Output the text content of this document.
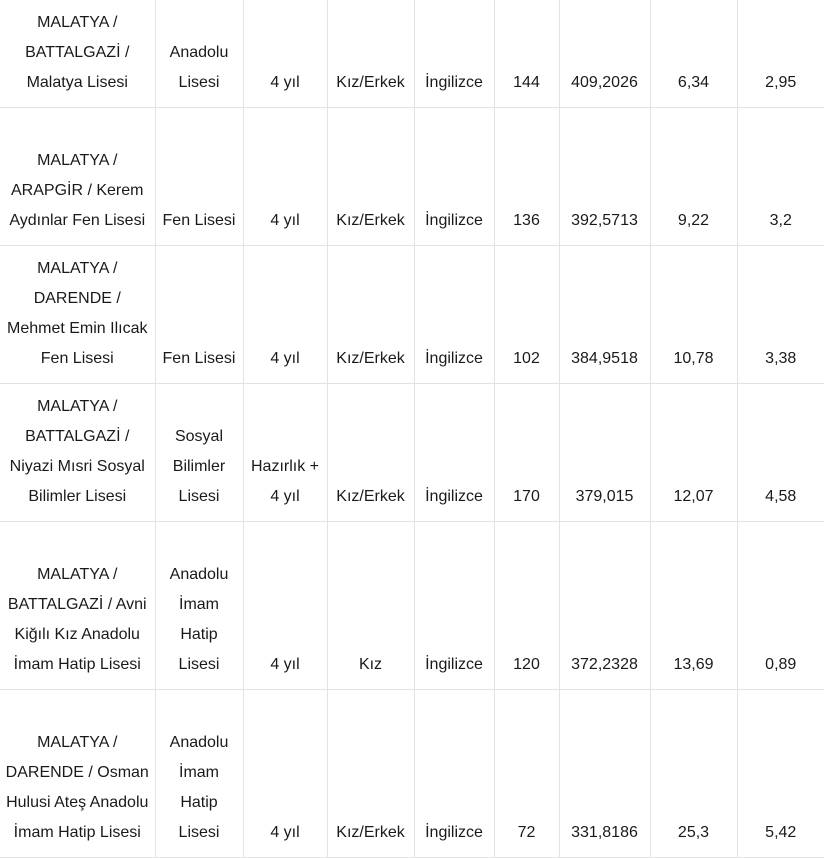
MALATYA / BATTALGAZİ / Malatya Lisesi	Anadolu Lisesi	4 yıl	Kız/Erkek	İngilizce	144	409,2026	6,34	2,95

MALATYA / ARAPGİR / Kerem Aydınlar Fen Lisesi	Fen Lisesi	4 yıl	Kız/Erkek	İngilizce	136	392,5713	9,22	3,2

MALATYA / DARENDE / Mehmet Emin Ilıcak Fen Lisesi	Fen Lisesi	4 yıl	Kız/Erkek	İngilizce	102	384,9518	10,78	3,38

MALATYA / BATTALGAZİ / Niyazi Mısri Sosyal Bilimler Lisesi	Sosyal Bilimler Lisesi	Hazırlık + 4 yıl	Kız/Erkek	İngilizce	170	379,015	12,07	4,58

MALATYA / BATTALGAZİ / Avni Kiğılı Kız Anadolu İmam Hatip Lisesi	Anadolu İmam Hatip Lisesi	4 yıl	Kız	İngilizce	120	372,2328	13,69	0,89

MALATYA / DARENDE / Osman Hulusi Ateş Anadolu İmam Hatip Lisesi	Anadolu İmam Hatip Lisesi	4 yıl	Kız/Erkek	İngilizce	72	331,8186	25,3	5,42
